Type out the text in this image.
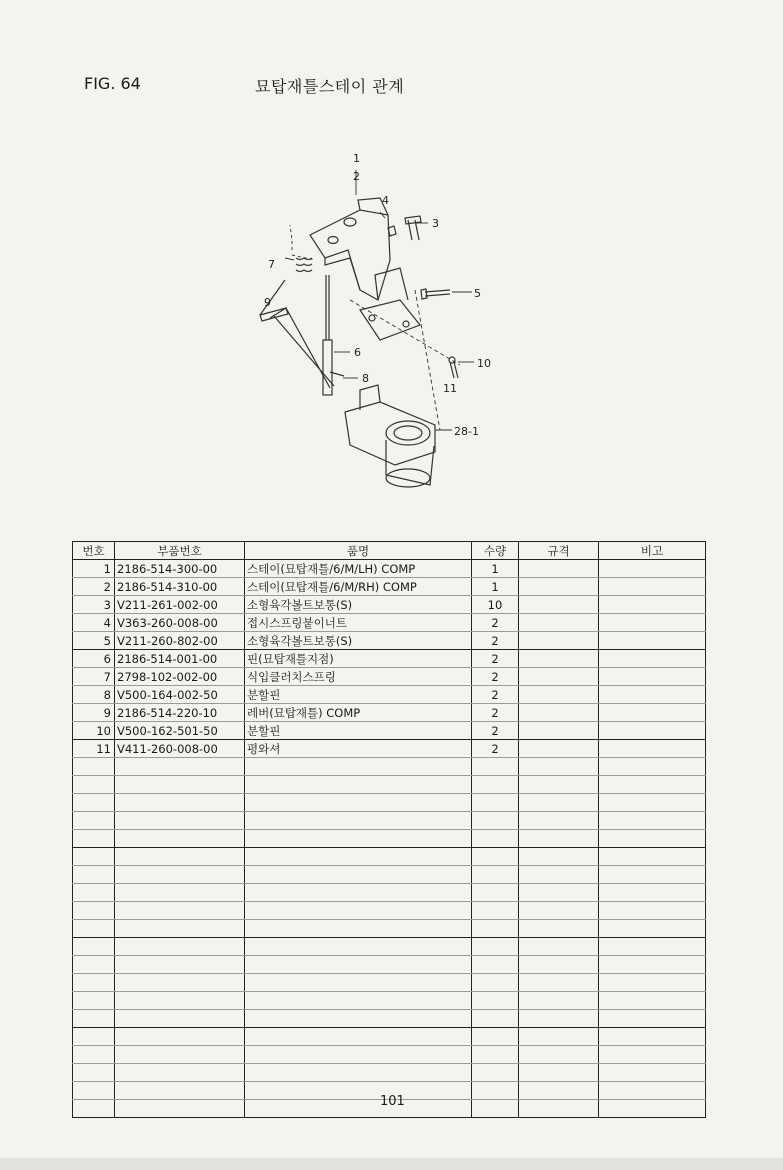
FIG. 64	묘탑재틀스테이 관계
1
2
3
4
5
6
7
8
9
10
11
28-1
번호	부품번호	품명	수량	규격	비고
1	2186-514-300-00	스테이(묘탑재틀/6/M/LH) COMP	1		
2	2186-514-310-00	스테이(묘탑재틀/6/M/RH) COMP	1		
3	V211-261-002-00	소형육각볼트보통(S)	10		
4	V363-260-008-00	접시스프링붙이너트	2		
5	V211-260-802-00	소형육각볼트보통(S)	2		
6	2186-514-001-00	핀(묘탑재틀지점)	2		
7	2798-102-002-00	식입클러치스프링	2		
8	V500-164-002-50	분할핀	2		
9	2186-514-220-10	레버(묘탑재틀) COMP	2		
10	V500-162-501-50	분할핀	2		
11	V411-260-008-00	평와셔	2		

101
